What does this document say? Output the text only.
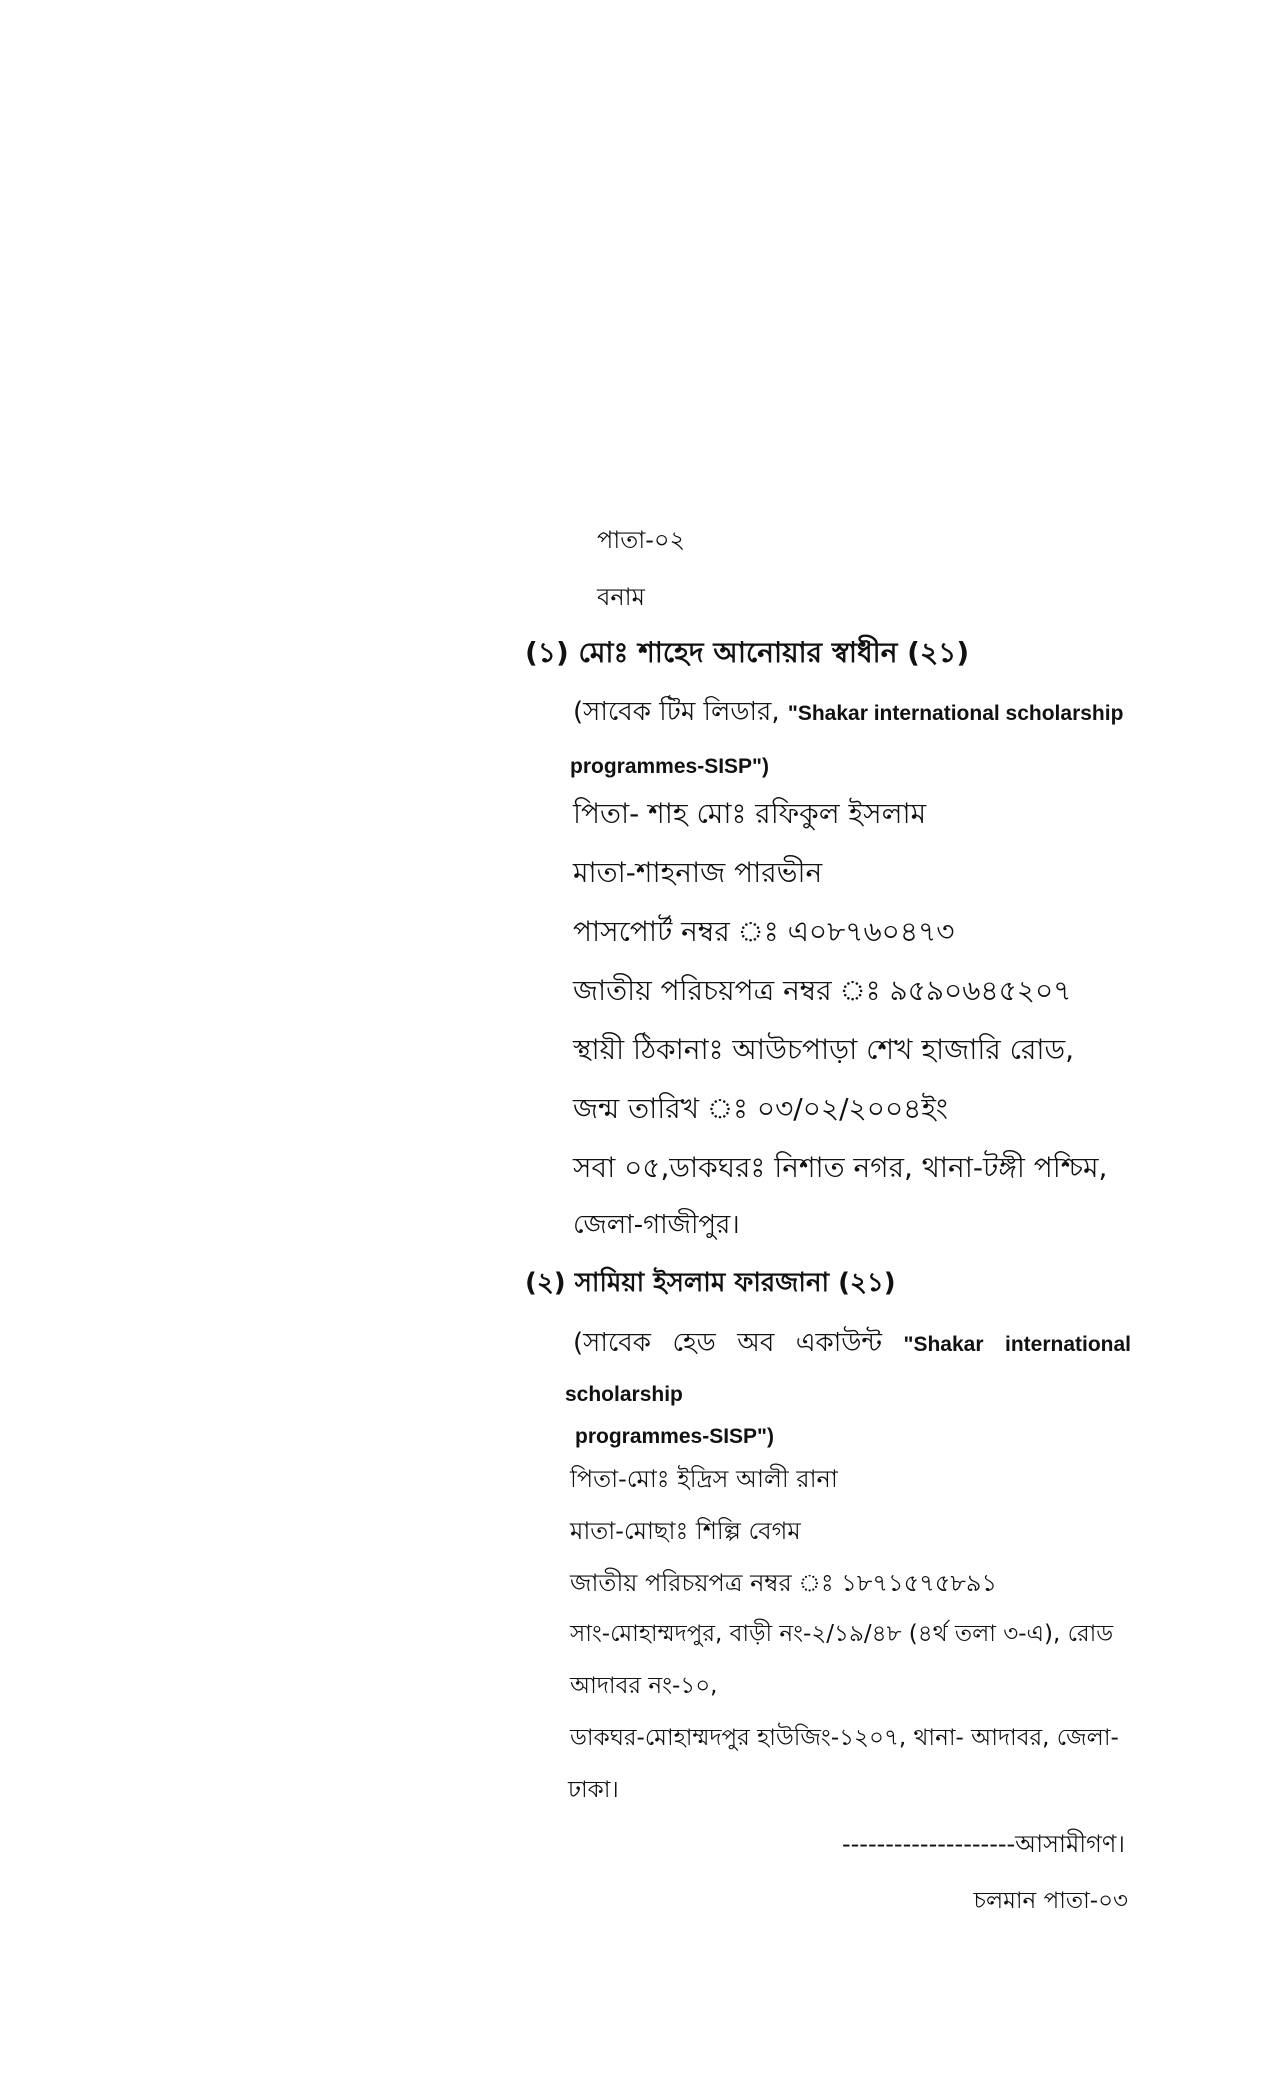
পাতা-০২
বনাম
(১) মোঃ শাহেদ আনোয়ার স্বাধীন (২১)
(সাবেক টিম লিডার, "Shakar international scholarship
programmes-SISP")
পিতা- শাহ মোঃ রফিকুল ইসলাম
মাতা-শাহনাজ পারভীন
পাসপোর্ট নম্বর ঃ এ০৮৭৬০৪৭৩
জাতীয় পরিচয়পত্র নম্বর ঃ ৯৫৯০৬৪৫২০৭
স্থায়ী ঠিকানাঃ আউচপাড়া শেখ হাজারি রোড,
জন্ম তারিখ ঃ ০৩/০২/২০০৪ইং
সবা ০৫,ডাকঘরঃ নিশাত নগর, থানা-টঙ্গী পশ্চিম,
জেলা-গাজীপুর।
(২) সামিয়া ইসলাম ফারজানা (২১)
(সাবেক হেড অব একাউন্ট "Shakar international
scholarship
programmes-SISP")
পিতা-মোঃ ইদ্রিস আলী রানা
মাতা-মোছাঃ শিল্পি বেগম
জাতীয় পরিচয়পত্র নম্বর ঃ ১৮৭১৫৭৫৮৯১
সাং-মোহাম্মদপুর, বাড়ী নং-২/১৯/৪৮ (৪র্থ তলা ৩-এ), রোড
আদাবর নং-১০,
ডাকঘর-মোহাম্মদপুর হাউজিং-১২০৭, থানা- আদাবর, জেলা-
ঢাকা।
--------------------আসামীগণ।
চলমান পাতা-০৩
